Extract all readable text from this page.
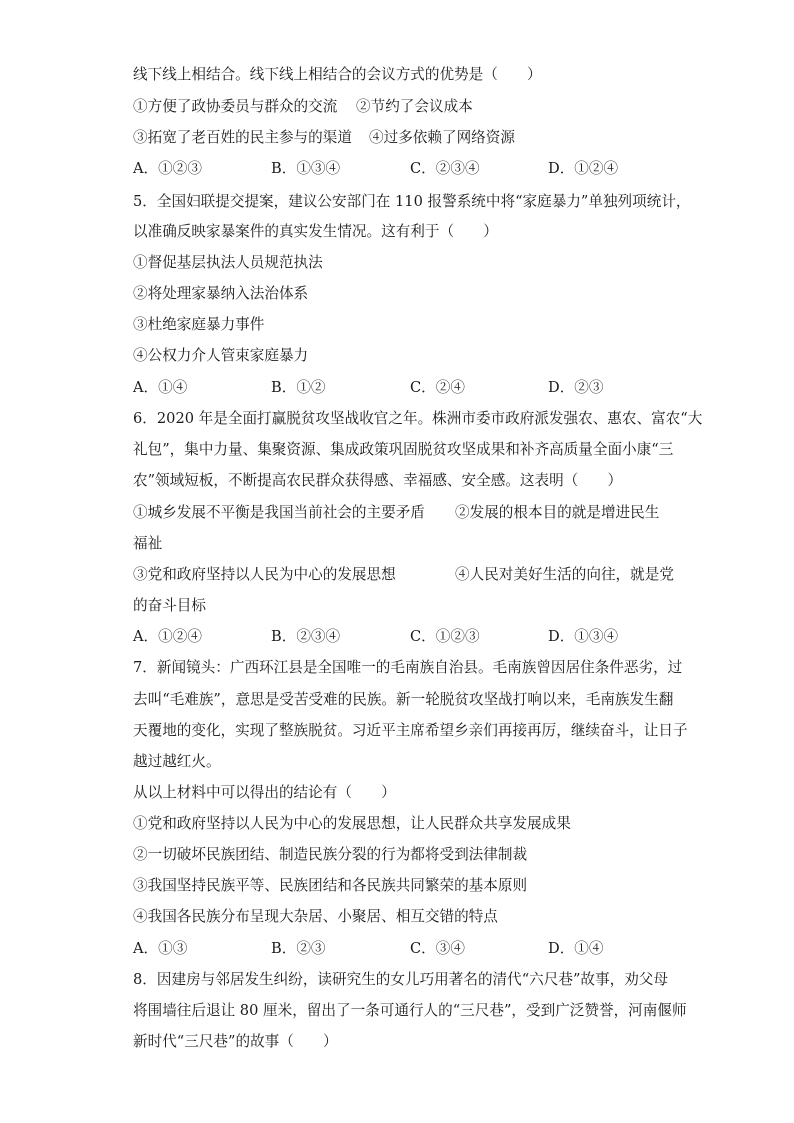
线下线上相结合。线下线上相结合的会议方式的优势是（　　）
①方便了政协委员与群众的交流 ②节约了会议成本
③拓宽了老百姓的民主参与的渠道 ④过多依赖了网络资源
A．①②③	B．①③④	C．②③④	D．①②④
5．全国妇联提交提案，建议公安部门在 110 报警系统中将“家庭暴力”单独列项统计，
以准确反映家暴案件的真实发生情况。这有利于（　　）
①督促基层执法人员规范执法
②将处理家暴纳入法治体系
③杜绝家庭暴力事件
④公权力介人管束家庭暴力
A．①④	B．①②	C．②④	D．②③
6．2020 年是全面打赢脱贫攻坚战收官之年。株洲市委市政府派发强农、惠农、富农“大
礼包”，集中力量、集聚资源、集成政策巩固脱贫攻坚成果和补齐高质量全面小康“三
农”领域短板，不断提高农民群众获得感、幸福感、安全感。这表明（　　）
①城乡发展不平衡是我国当前社会的主要矛盾 ②发展的根本目的就是增进民生
福祉
③党和政府坚持以人民为中心的发展思想	④人民对美好生活的向往，就是党
的奋斗目标
A．①②④	B．②③④	C．①②③	D．①③④
7．新闻镜头：广西环江县是全国唯一的毛南族自治县。毛南族曾因居住条件恶劣，过
去叫“毛难族”，意思是受苦受难的民族。新一轮脱贫攻坚战打响以来，毛南族发生翻
天覆地的变化，实现了整族脱贫。习近平主席希望乡亲们再接再厉，继续奋斗，让日子
越过越红火。
从以上材料中可以得出的结论有（　　）
①党和政府坚持以人民为中心的发展思想，让人民群众共享发展成果
②一切破坏民族团结、制造民族分裂的行为都将受到法律制裁
③我国坚持民族平等、民族团结和各民族共同繁荣的基本原则
④我国各民族分布呈现大杂居、小聚居、相互交错的特点
A．①③	B．②③	C．③④	D．①④
8．因建房与邻居发生纠纷，读研究生的女儿巧用著名的清代“六尺巷”故事，劝父母
将围墙往后退让 80 厘米，留出了一条可通行人的“三尺巷”，受到广泛赞誉，河南偃师
新时代“三尺巷”的故事（　　）
